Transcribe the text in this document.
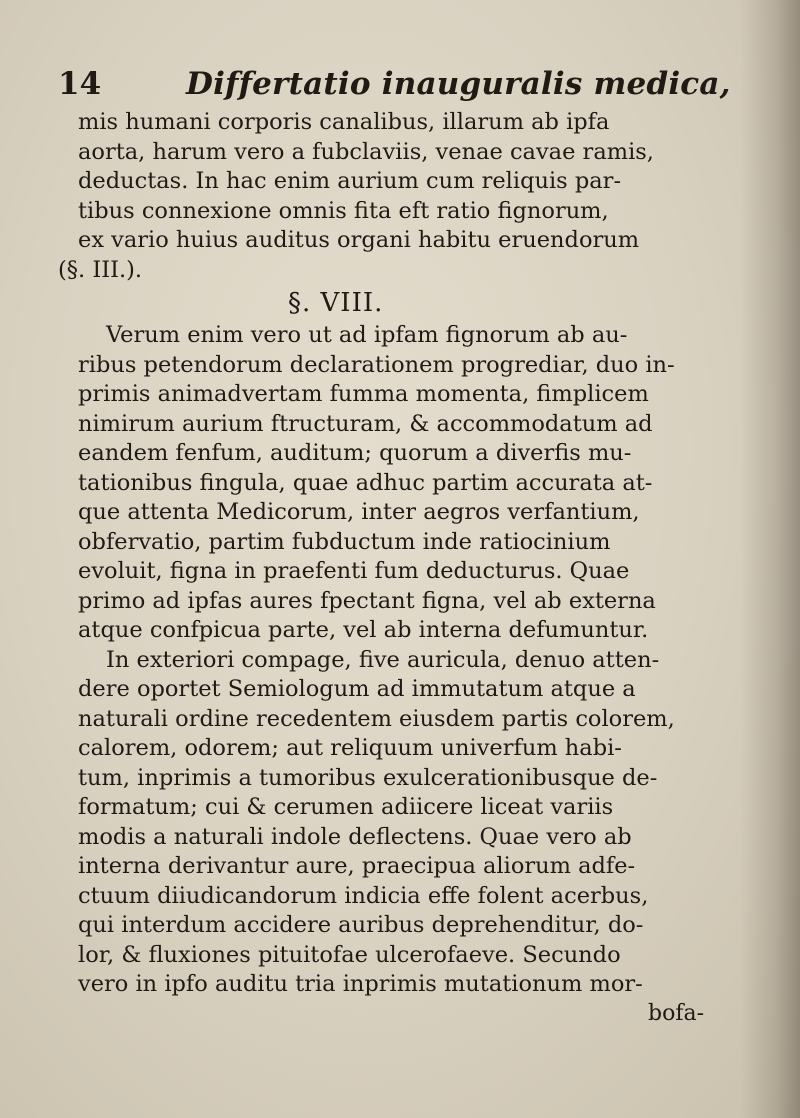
14	Differtatio inauguralis medica,
mis humani corporis canalibus, illarum ab ipfa
aorta, harum vero a fubclaviis, venae cavae ramis,
deductas. In hac enim aurium cum reliquis par-
tibus connexione omnis fita eft ratio fignorum,
ex vario huius auditus organi habitu eruendorum
(§. III.).
§. VIII.
Verum enim vero ut ad ipfam fignorum ab au-
ribus petendorum declarationem progrediar, duo in-
primis animadvertam fumma momenta, fimplicem
nimirum aurium ftructuram, & accommodatum ad
eandem fenfum, auditum; quorum a diverfis mu-
tationibus fingula, quae adhuc partim accurata at-
que attenta Medicorum, inter aegros verfantium,
obfervatio, partim fubductum inde ratiocinium
evoluit, figna in praefenti fum deducturus. Quae
primo ad ipfas aures fpectant figna, vel ab externa
atque confpicua parte, vel ab interna defumuntur.
In exteriori compage, five auricula, denuo atten-
dere oportet Semiologum ad immutatum atque a
naturali ordine recedentem eiusdem partis colorem,
calorem, odorem; aut reliquum univerfum habi-
tum, inprimis a tumoribus exulcerationibusque de-
formatum; cui & cerumen adiicere liceat variis
modis a naturali indole deflectens. Quae vero ab
interna derivantur aure, praecipua aliorum adfe-
ctuum diiudicandorum indicia effe folent acerbus,
qui interdum accidere auribus deprehenditur, do-
lor, & fluxiones pituitofae ulcerofaeve. Secundo
vero in ipfo auditu tria inprimis mutationum mor-
bofa-
